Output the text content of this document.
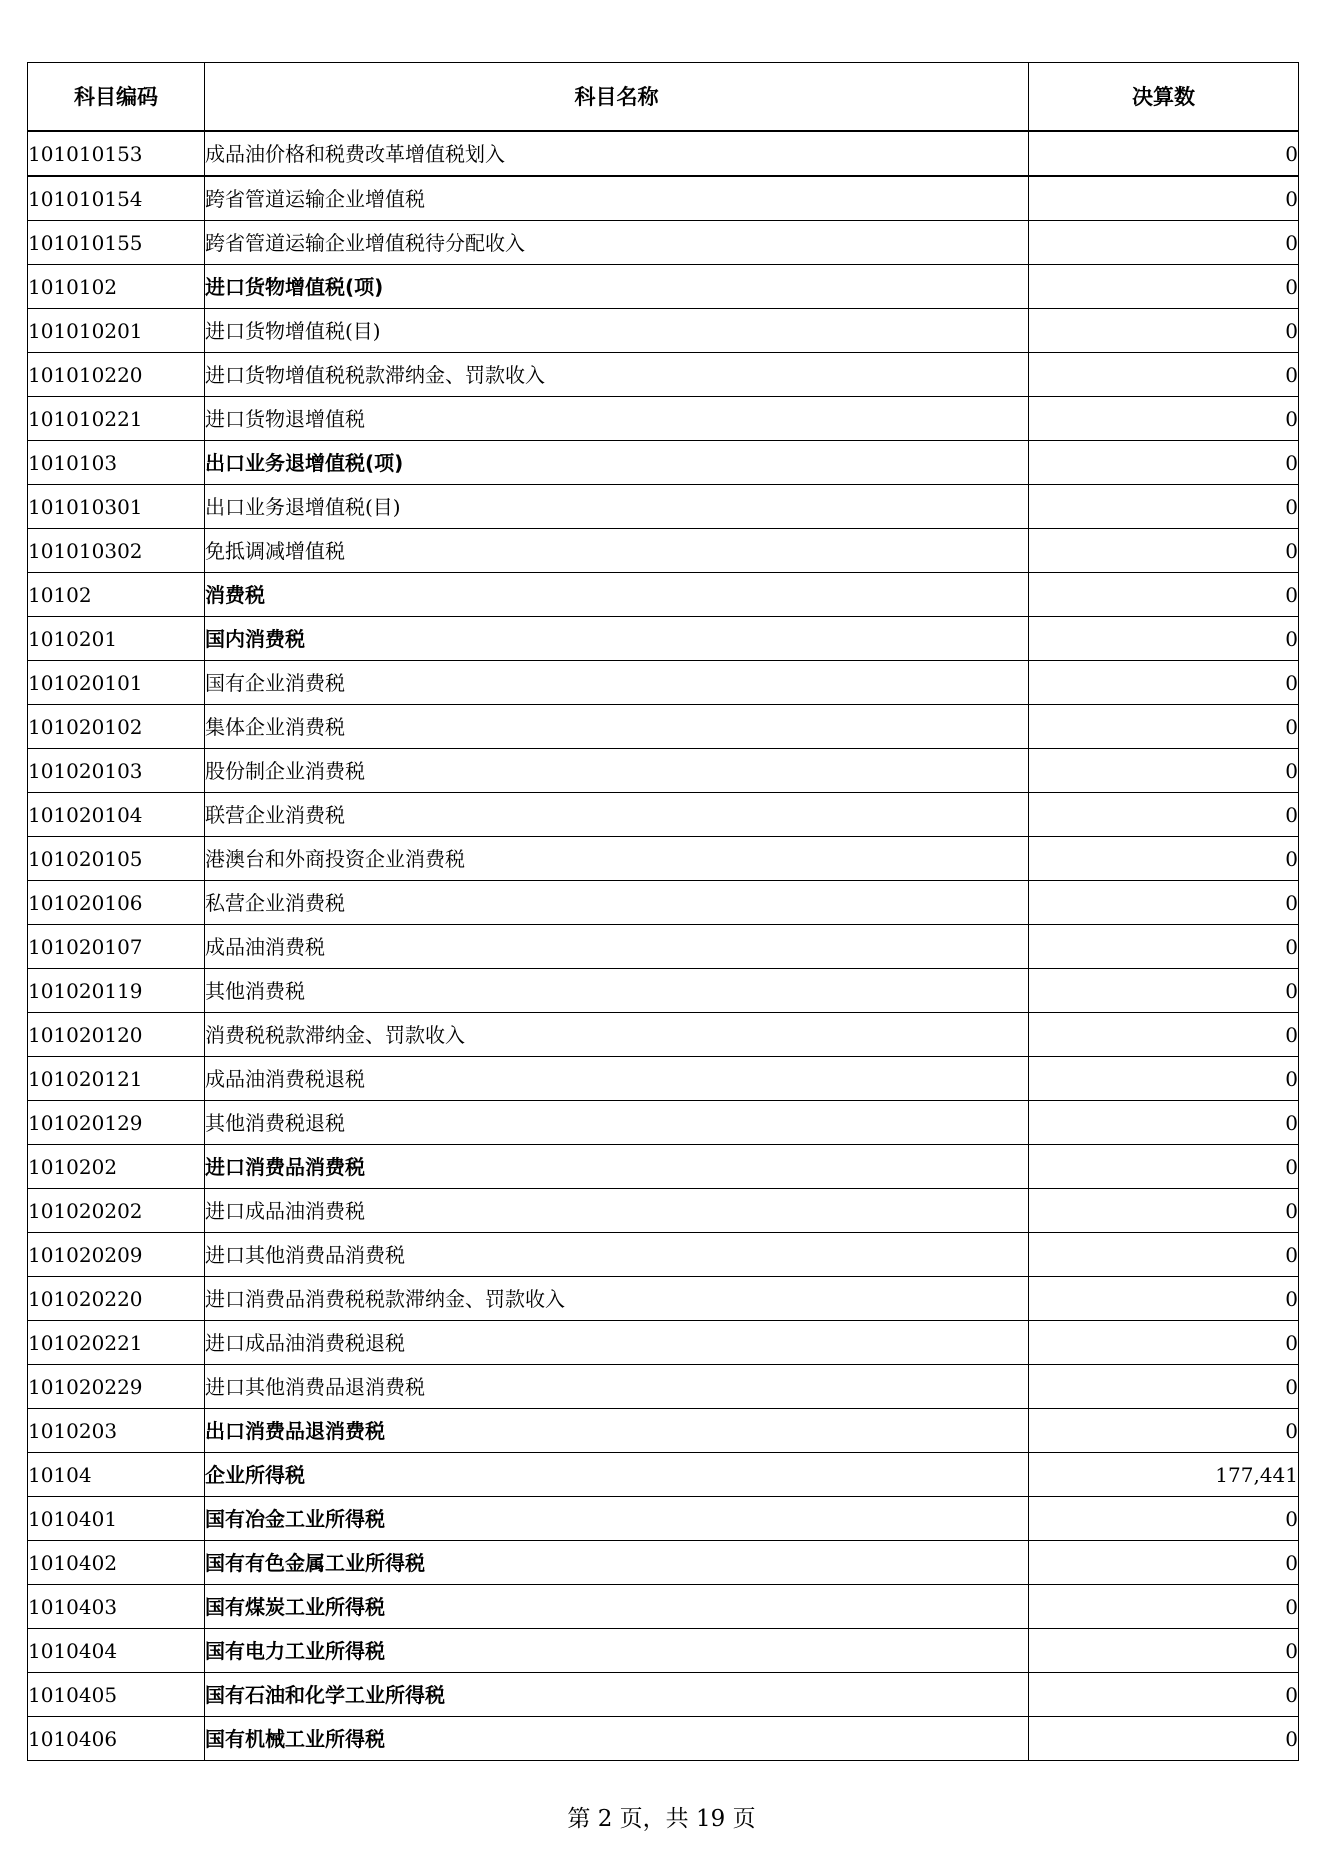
科目编码	科目名称	决算数
101010153	成品油价格和税费改革增值税划入	0
101010154	跨省管道运输企业增值税	0
101010155	跨省管道运输企业增值税待分配收入	0
1010102	进口货物增值税(项)	0
101010201	进口货物增值税(目)	0
101010220	进口货物增值税税款滞纳金、罚款收入	0
101010221	进口货物退增值税	0
1010103	出口业务退增值税(项)	0
101010301	出口业务退增值税(目)	0
101010302	免抵调减增值税	0
10102	消费税	0
1010201	国内消费税	0
101020101	国有企业消费税	0
101020102	集体企业消费税	0
101020103	股份制企业消费税	0
101020104	联营企业消费税	0
101020105	港澳台和外商投资企业消费税	0
101020106	私营企业消费税	0
101020107	成品油消费税	0
101020119	其他消费税	0
101020120	消费税税款滞纳金、罚款收入	0
101020121	成品油消费税退税	0
101020129	其他消费税退税	0
1010202	进口消费品消费税	0
101020202	进口成品油消费税	0
101020209	进口其他消费品消费税	0
101020220	进口消费品消费税税款滞纳金、罚款收入	0
101020221	进口成品油消费税退税	0
101020229	进口其他消费品退消费税	0
1010203	出口消费品退消费税	0
10104	企业所得税	177,441
1010401	国有冶金工业所得税	0
1010402	国有有色金属工业所得税	0
1010403	国有煤炭工业所得税	0
1010404	国有电力工业所得税	0
1010405	国有石油和化学工业所得税	0
1010406	国有机械工业所得税	0
第 2 页，共 19 页
